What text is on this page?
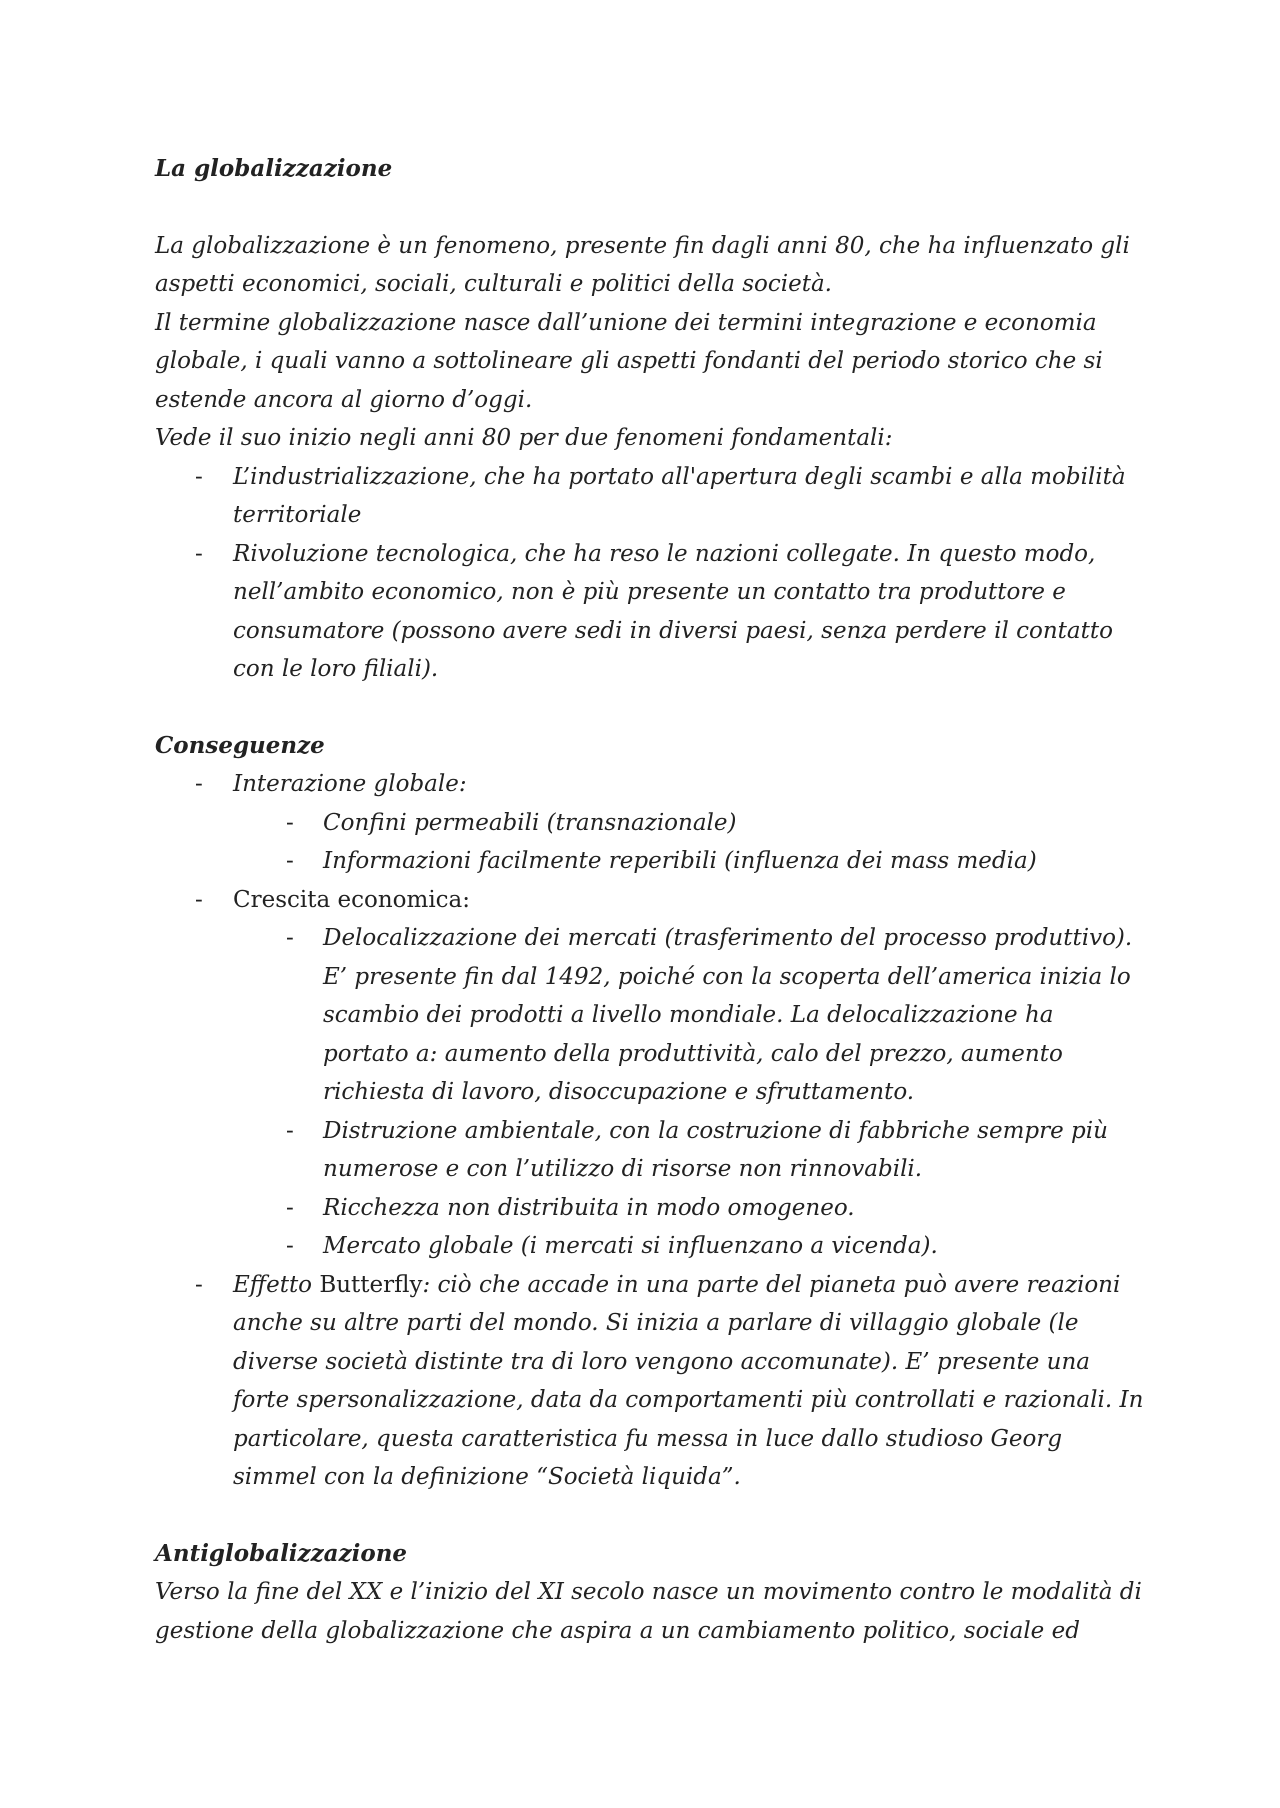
La globalizzazione

La globalizzazione è un fenomeno, presente fin dagli anni 80, che ha influenzato gli aspetti economici, sociali, culturali e politici della società.

Il termine globalizzazione nasce dall’unione dei termini integrazione e economia globale, i quali vanno a sottolineare gli aspetti fondanti del periodo storico che si estende ancora al giorno d’oggi.

Vede il suo inizio negli anni 80 per due fenomeni fondamentali:

- L’industrializzazione, che ha portato all'apertura degli scambi e alla mobilità territoriale
- Rivoluzione tecnologica, che ha reso le nazioni collegate. In questo modo, nell’ambito economico, non è più presente un contatto tra produttore e consumatore (possono avere sedi in diversi paesi, senza perdere il contatto con le loro filiali).

Conseguenze

- Interazione globale:
- Confini permeabili (transnazionale)
- Informazioni facilmente reperibili (influenza dei mass media)
- Crescita economica:
- Delocalizzazione dei mercati (trasferimento del processo produttivo). E’ presente fin dal 1492, poiché con la scoperta dell’america inizia lo scambio dei prodotti a livello mondiale. La delocalizzazione ha portato a: aumento della produttività, calo del prezzo, aumento richiesta di lavoro, disoccupazione e sfruttamento.
- Distruzione ambientale, con la costruzione di fabbriche sempre più numerose e con l’utilizzo di risorse non rinnovabili.
- Ricchezza non distribuita in modo omogeneo.
- Mercato globale (i mercati si influenzano a vicenda).
- Effetto Butterfly: ciò che accade in una parte del pianeta può avere reazioni anche su altre parti del mondo. Si inizia a parlare di villaggio globale (le diverse società distinte tra di loro vengono accomunate). E’ presente una forte spersonalizzazione, data da comportamenti più controllati e razionali. In particolare, questa caratteristica fu messa in luce dallo studioso Georg simmel con la definizione “Società liquida”.

Antiglobalizzazione

Verso la fine del XX e l’inizio del XI secolo nasce un movimento contro le modalità di gestione della globalizzazione che aspira a un cambiamento politico, sociale ed
